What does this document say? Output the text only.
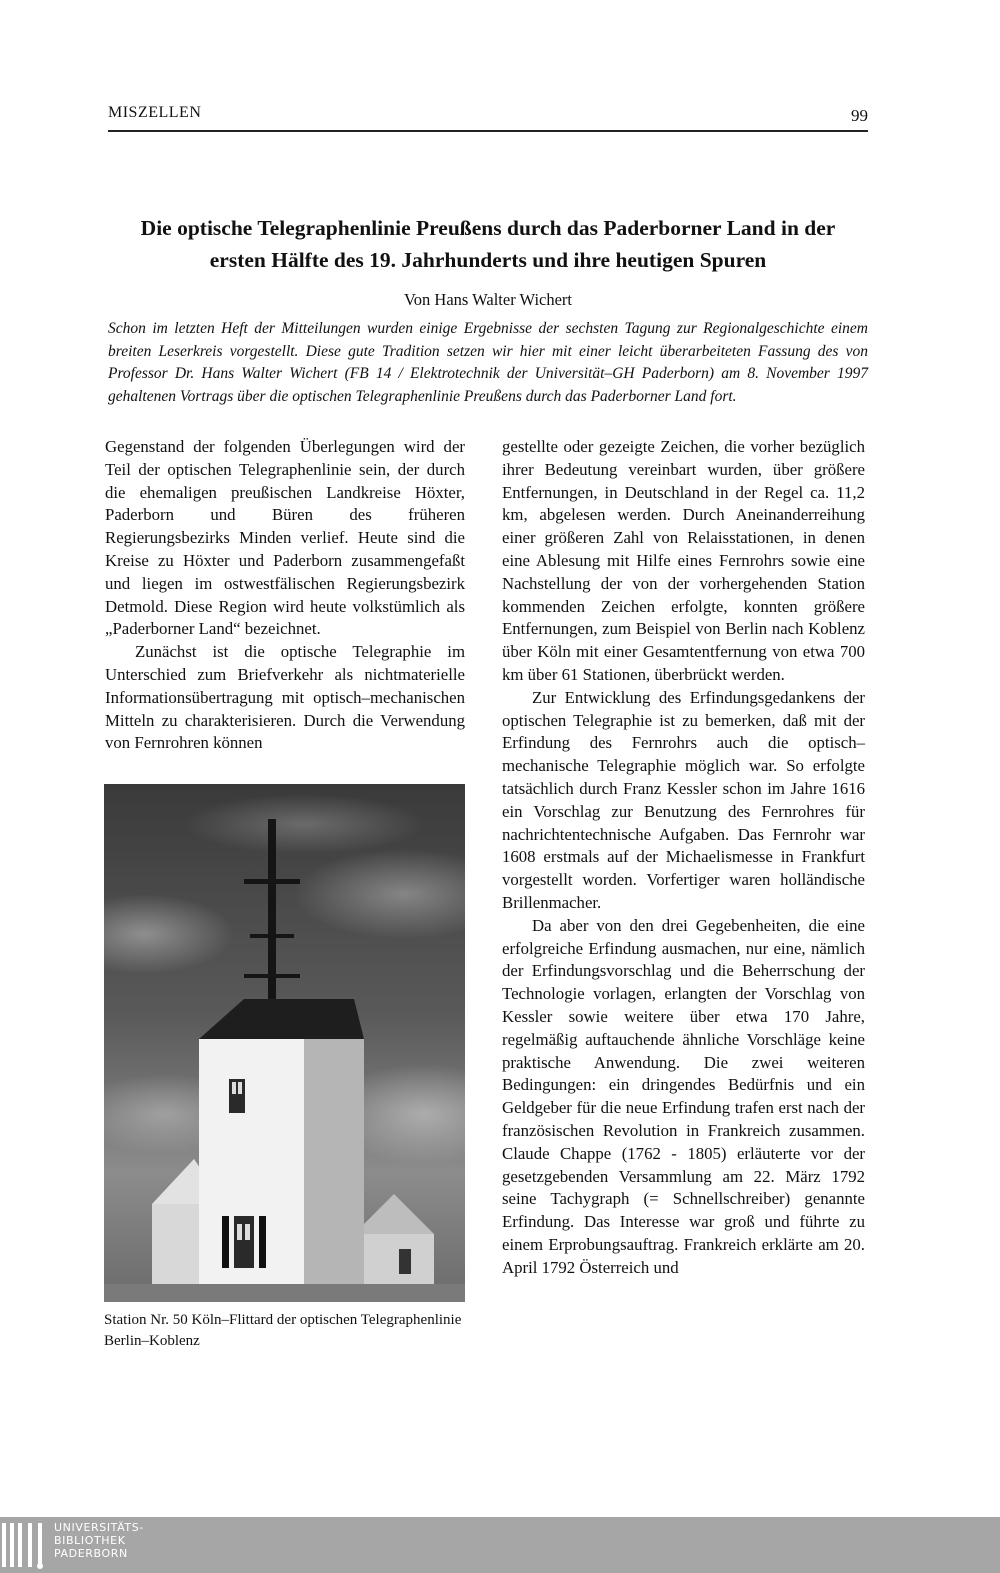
MISZELLEN	99
Die optische Telegraphenlinie Preußens durch das Paderborner Land in der
ersten Hälfte des 19. Jahrhunderts und ihre heutigen Spuren
Von Hans Walter Wichert
Schon im letzten Heft der Mitteilungen wurden einige Ergebnisse der sechsten Tagung zur Regionalgeschichte einem breiten Leserkreis vorgestellt. Diese gute Tradition setzen wir hier mit einer leicht überarbeiteten Fassung des von Professor Dr. Hans Walter Wichert (FB 14 / Elektrotechnik der Universität–GH Paderborn) am 8. November 1997 gehaltenen Vortrags über die optischen Telegraphenlinie Preußens durch das Paderborner Land fort.

Gegenstand der folgenden Überlegungen wird der Teil der optischen Telegraphenlinie sein, der durch die ehemaligen preußischen Landkreise Höxter, Paderborn und Büren des früheren Regierungsbezirks Minden verlief. Heute sind die Kreise zu Höxter und Paderborn zusammengefaßt und liegen im ostwestfälischen Regierungsbezirk Detmold. Diese Region wird heute volkstümlich als „Paderborner Land“ bezeichnet.

Zunächst ist die optische Telegraphie im Unterschied zum Briefverkehr als nichtmaterielle Informationsübertragung mit optisch–mechanischen Mitteln zu charakterisieren. Durch die Verwendung von Fernrohren können

Station Nr. 50 Köln–Flittard der optischen Telegraphenlinie Berlin–Koblenz

gestellte oder gezeigte Zeichen, die vorher bezüglich ihrer Bedeutung vereinbart wurden, über größere Entfernungen, in Deutschland in der Regel ca. 11,2 km, abgelesen werden. Durch Aneinanderreihung einer größeren Zahl von Relaisstationen, in denen eine Ablesung mit Hilfe eines Fernrohrs sowie eine Nachstellung der von der vorhergehenden Station kommenden Zeichen erfolgte, konnten größere Entfernungen, zum Beispiel von Berlin nach Koblenz über Köln mit einer Gesamtentfernung von etwa 700 km über 61 Stationen, überbrückt werden.

Zur Entwicklung des Erfindungsgedankens der optischen Telegraphie ist zu bemerken, daß mit der Erfindung des Fernrohrs auch die optisch–mechanische Telegraphie möglich war. So erfolgte tatsächlich durch Franz Kessler schon im Jahre 1616 ein Vorschlag zur Benutzung des Fernrohres für nachrichtentechnische Aufgaben. Das Fernrohr war 1608 erstmals auf der Michaelismesse in Frankfurt vorgestellt worden. Vorfertiger waren holländische Brillenmacher.

Da aber von den drei Gegebenheiten, die eine erfolgreiche Erfindung ausmachen, nur eine, nämlich der Erfindungsvorschlag und die Beherrschung der Technologie vorlagen, erlangten der Vorschlag von Kessler sowie weitere über etwa 170 Jahre, regelmäßig auftauchende ähnliche Vorschläge keine praktische Anwendung. Die zwei weiteren Bedingungen: ein dringendes Bedürfnis und ein Geldgeber für die neue Erfindung trafen erst nach der französischen Revolution in Frankreich zusammen. Claude Chappe (1762 - 1805) erläuterte vor der gesetzgebenden Versammlung am 22. März 1792 seine Tachygraph (= Schnellschreiber) genannte Erfindung. Das Interesse war groß und führte zu einem Erprobungsauftrag. Frankreich erklärte am 20. April 1792 Österreich und

UNIVERSITÄTS-
BIBLIOTHEK
PADERBORN
